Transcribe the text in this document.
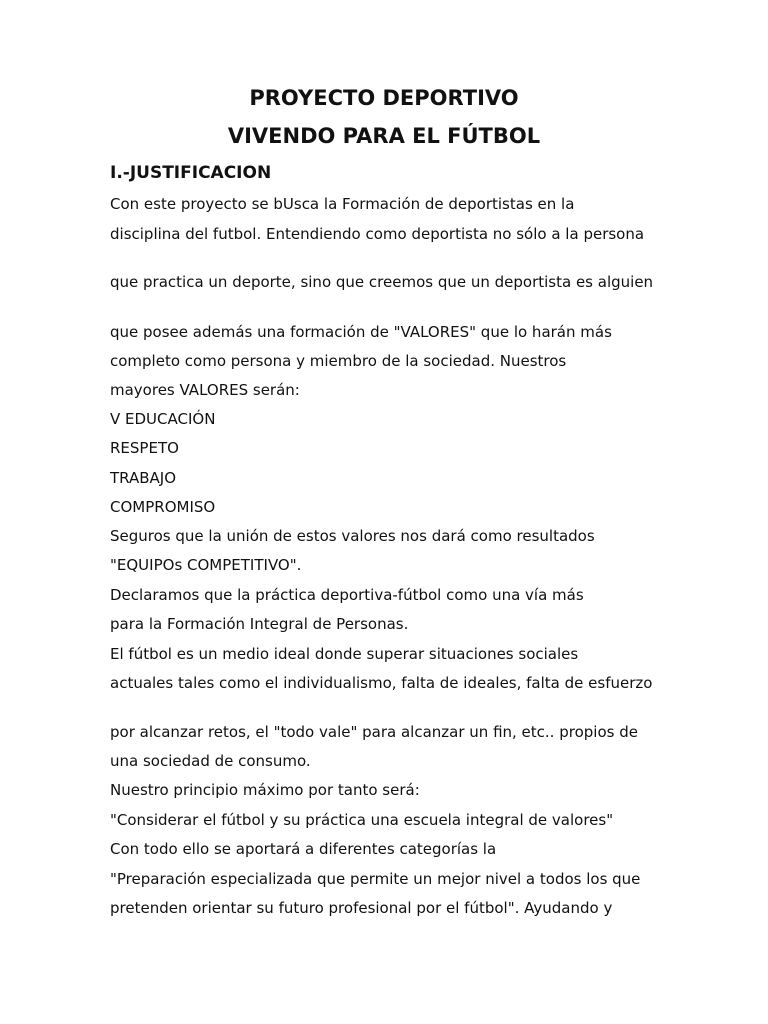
PROYECTO DEPORTIVO
VIVENDO PARA EL FÚTBOL
I.-JUSTIFICACION

Con este proyecto se bUsca la Formación de deportistas en la

disciplina del futbol. Entendiendo como deportista no sólo a la persona

que practica un deporte, sino que creemos que un deportista es alguien

que posee además una formación de "VALORES" que lo harán más

completo como persona y miembro de la sociedad. Nuestros

mayores VALORES serán:

V EDUCACIÓN

RESPETO

TRABAJO

COMPROMISO

Seguros que la unión de estos valores nos dará como resultados

"EQUIPOs COMPETITIVO".

Declaramos que la práctica deportiva-fútbol como una vía más

para la Formación Integral de Personas.

El fútbol es un medio ideal donde superar situaciones sociales

actuales tales como el individualismo, falta de ideales, falta de esfuerzo

por alcanzar retos, el "todo vale" para alcanzar un fin, etc.. propios de

una sociedad de consumo.

Nuestro principio máximo por tanto será:

"Considerar el fútbol y su práctica una escuela integral de valores"

Con todo ello se aportará a diferentes categorías la

"Preparación especializada que permite un mejor nivel a todos los que

pretenden orientar su futuro profesional por el fútbol". Ayudando y
